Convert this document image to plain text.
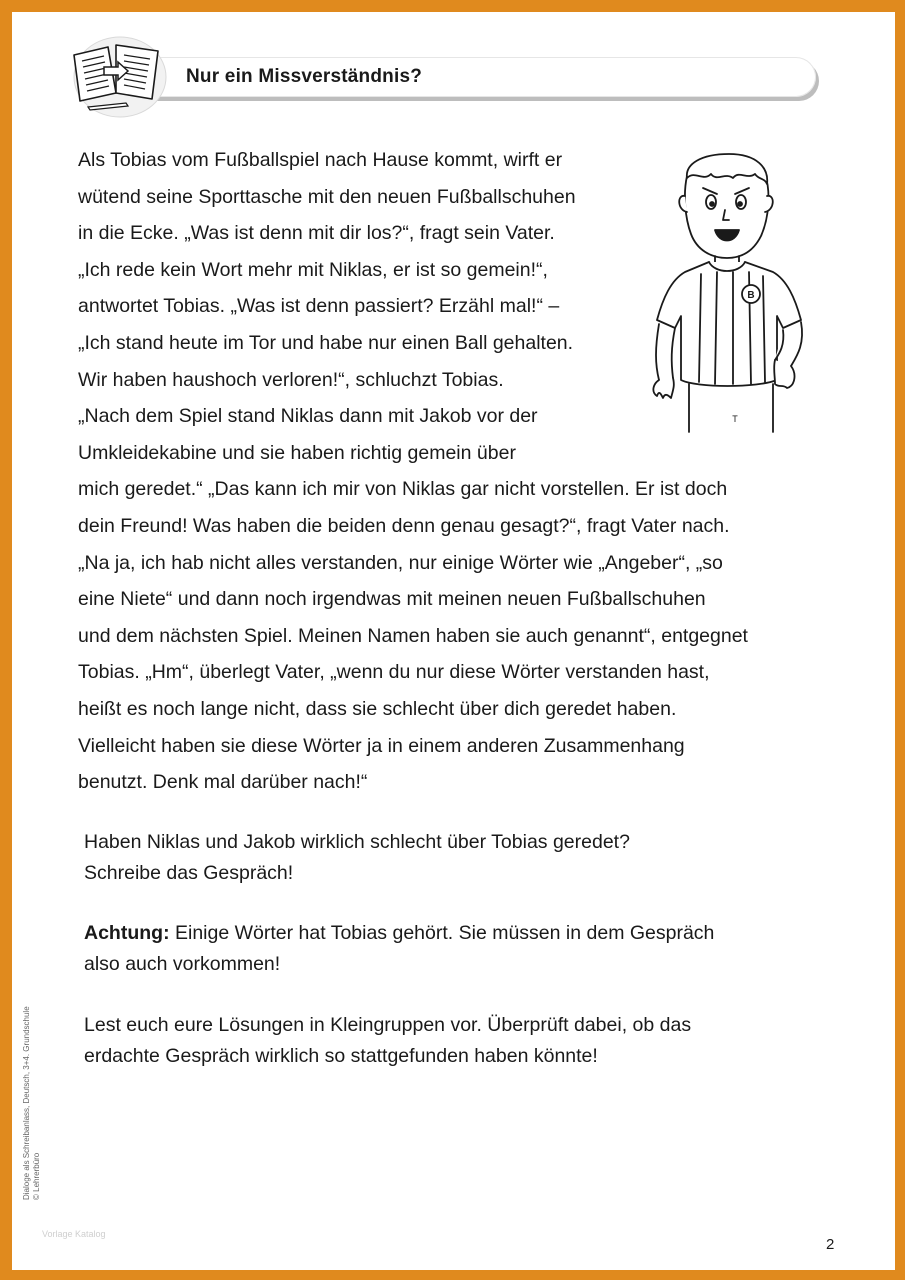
Nur ein Missverständnis?
Als Tobias vom Fußballspiel nach Hause kommt, wirft er
wütend seine Sporttasche mit den neuen Fußballschuhen
in die Ecke. „Was ist denn mit dir los?“, fragt sein Vater.
„Ich rede kein Wort mehr mit Niklas, er ist so gemein!“,
antwortet Tobias. „Was ist denn passiert? Erzähl mal!“ –
„Ich stand heute im Tor und habe nur einen Ball gehalten.
Wir haben haushoch verloren!“, schluchzt Tobias.
„Nach dem Spiel stand Niklas dann mit Jakob vor der
Umkleidekabine und sie haben richtig gemein über
mich geredet.“ „Das kann ich mir von Niklas gar nicht vorstellen. Er ist doch
dein Freund! Was haben die beiden denn genau gesagt?“, fragt Vater nach.
„Na ja, ich hab nicht alles verstanden, nur einige Wörter wie „Angeber“, „so
eine Niete“ und dann noch irgendwas mit meinen neuen Fußballschuhen
und dem nächsten Spiel. Meinen Namen haben sie auch genannt“, entgegnet
Tobias. „Hm“, überlegt Vater, „wenn du nur diese Wörter verstanden hast,
heißt es noch lange nicht, dass sie schlecht über dich geredet haben.
Vielleicht haben sie diese Wörter ja in einem anderen Zusammenhang
benutzt. Denk mal darüber nach!“
B
T
Haben Niklas und Jakob wirklich schlecht über Tobias geredet?
Schreibe das Gespräch!
Achtung: Einige Wörter hat Tobias gehört. Sie müssen in dem Gespräch
also auch vorkommen!
Lest euch eure Lösungen in Kleingruppen vor. Überprüft dabei, ob das
erdachte Gespräch wirklich so stattgefunden haben könnte!
Dialoge als Schreibanlass, Deutsch, 3+4. Grundschule © Lehrerbüro
Vorlage Katalog
2
